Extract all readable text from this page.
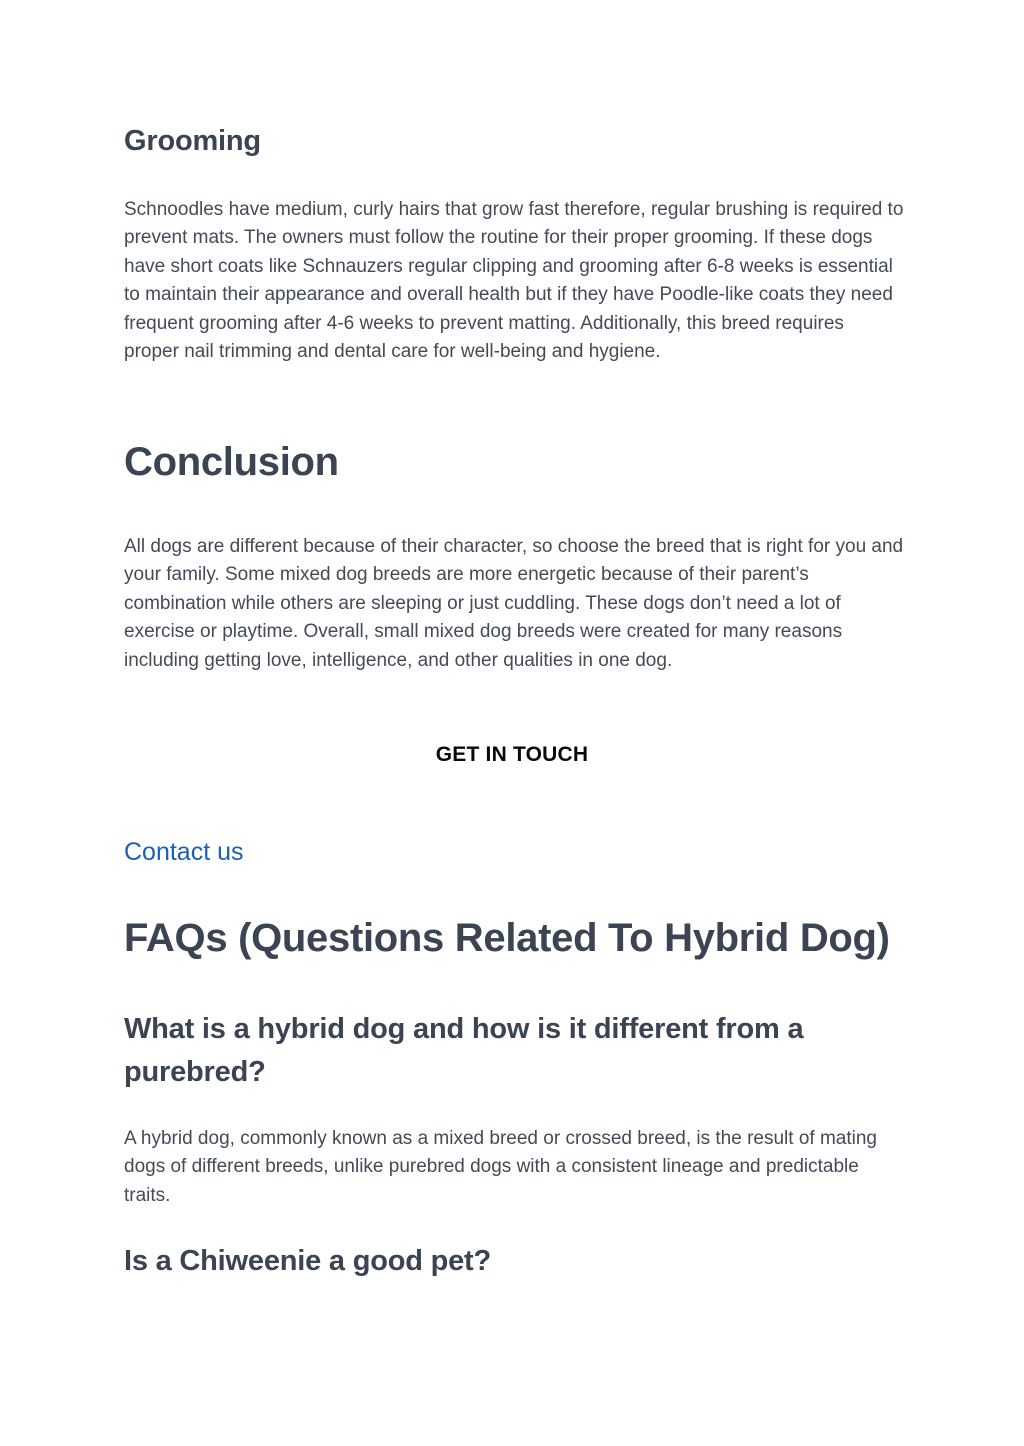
Grooming

Schnoodles have medium, curly hairs that grow fast therefore, regular brushing is required to prevent mats. The owners must follow the routine for their proper grooming. If these dogs have short coats like Schnauzers regular clipping and grooming after 6-8 weeks is essential to maintain their appearance and overall health but if they have Poodle-like coats they need frequent grooming after 4-6 weeks to prevent matting. Additionally, this breed requires proper nail trimming and dental care for well-being and hygiene.

Conclusion

All dogs are different because of their character, so choose the breed that is right for you and your family. Some mixed dog breeds are more energetic because of their parent’s combination while others are sleeping or just cuddling. These dogs don’t need a lot of exercise or playtime. Overall, small mixed dog breeds were created for many reasons including getting love, intelligence, and other qualities in one dog.

GET IN TOUCH

Contact us
FAQs (Questions Related To Hybrid Dog)
What is a hybrid dog and how is it different from a purebred?

A hybrid dog, commonly known as a mixed breed or crossed breed, is the result of mating dogs of different breeds, unlike purebred dogs with a consistent lineage and predictable traits.

Is a Chiweenie a good pet?
